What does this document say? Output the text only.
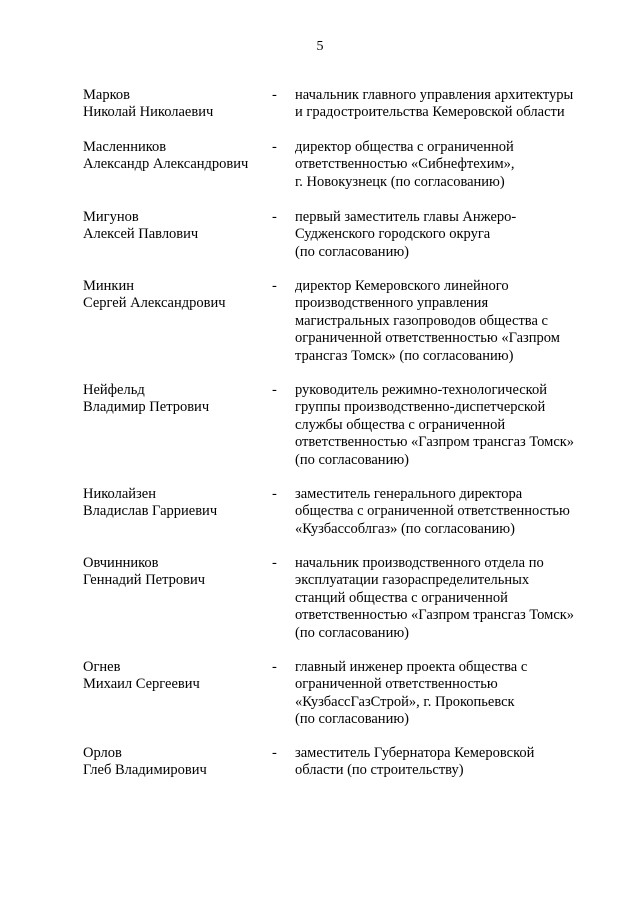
5
Марков
Николай Николаевич
-	начальник главного управления архитектуры
и градостроительства Кемеровской области
Масленников
Александр Александрович
-	директор общества с ограниченной
ответственностью «Сибнефтехим»,
г. Новокузнецк (по согласованию)
Мигунов
Алексей Павлович
-	первый заместитель главы Анжеро-
Судженского городского округа
(по согласованию)
Минкин
Сергей Александрович
-	директор Кемеровского линейного
производственного управления
магистральных газопроводов общества с
ограниченной ответственностью «Газпром
трансгаз Томск» (по согласованию)
Нейфельд
Владимир Петрович
-	руководитель режимно-технологической
группы производственно-диспетчерской
службы общества с ограниченной
ответственностью «Газпром трансгаз Томск»
(по согласованию)
Николайзен
Владислав Гарриевич
-	заместитель генерального директора
общества с ограниченной ответственностью
«Кузбассоблгаз» (по согласованию)
Овчинников
Геннадий Петрович
-	начальник производственного отдела по
эксплуатации газораспределительных
станций общества с ограниченной
ответственностью «Газпром трансгаз Томск»
(по согласованию)
Огнев
Михаил Сергеевич
-	главный инженер проекта общества с
ограниченной ответственностью
«КузбассГазСтрой», г. Прокопьевск
(по согласованию)
Орлов
Глеб Владимирович
-	заместитель Губернатора Кемеровской
области (по строительству)
